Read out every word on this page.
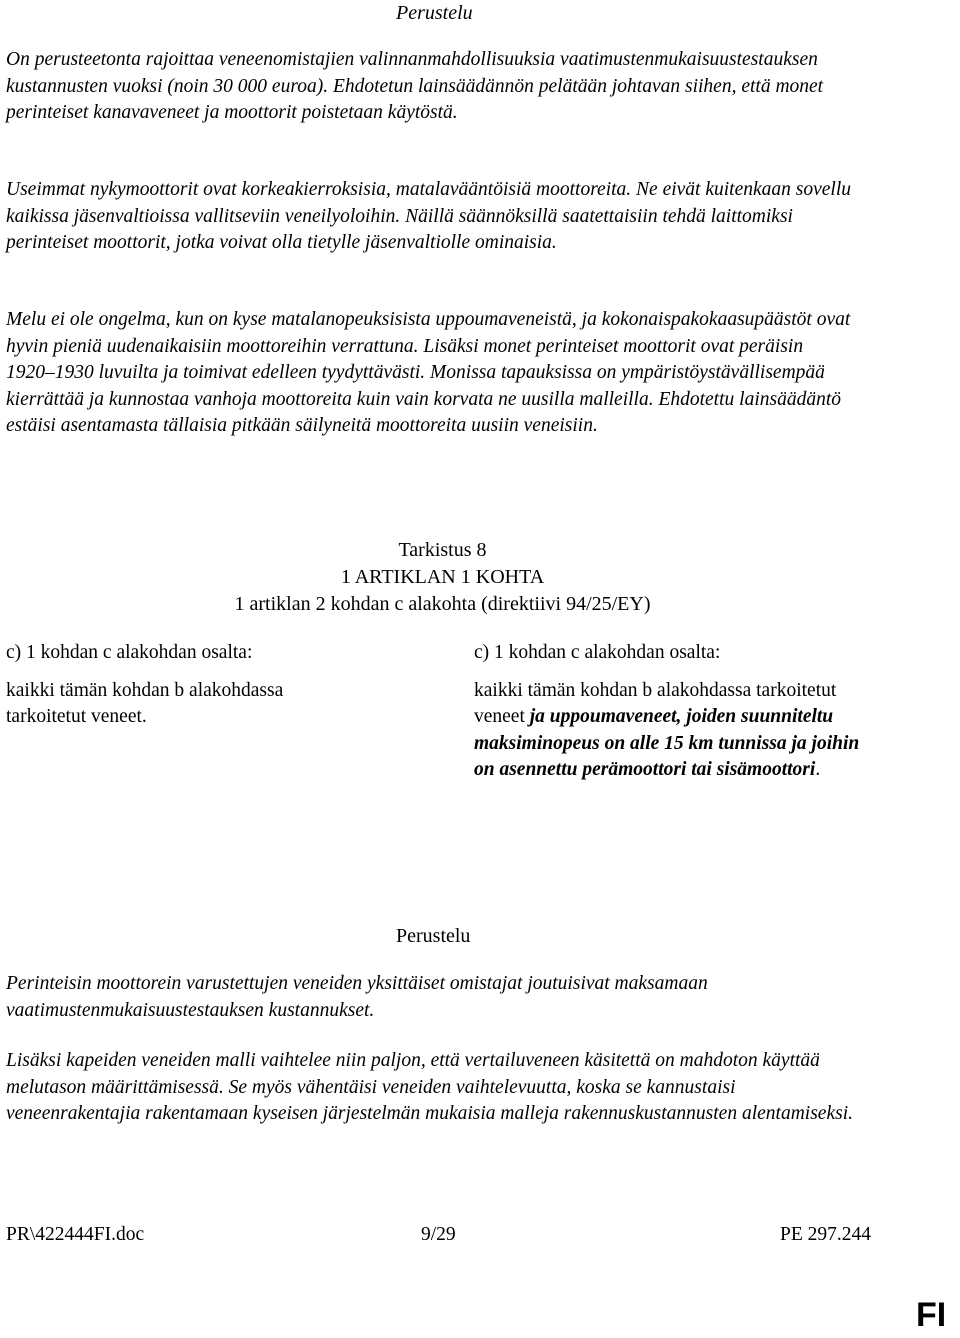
Perustelu
On perusteetonta rajoittaa veneenomistajien valinnanmahdollisuuksia vaatimustenmukaisuustestauksen kustannusten vuoksi (noin 30 000 euroa). Ehdotetun lainsäädännön pelätään johtavan siihen, että monet perinteiset kanavaveneet ja moottorit poistetaan käytöstä.
Useimmat nykymoottorit ovat korkeakierroksisia, matalavääntöisiä moottoreita. Ne eivät kuitenkaan sovellu kaikissa jäsenvaltioissa vallitseviin veneilyoloihin. Näillä säännöksillä saatettaisiin tehdä laittomiksi perinteiset moottorit, jotka voivat olla tietylle jäsenvaltiolle ominaisia.
Melu ei ole ongelma, kun on kyse matalanopeuksisista uppoumaveneistä, ja kokonaispakokaasupäästöt ovat hyvin pieniä uudenaikaisiin moottoreihin verrattuna. Lisäksi monet perinteiset moottorit ovat peräisin 1920–1930 luvuilta ja toimivat edelleen tyydyttävästi. Monissa tapauksissa on ympäristöystävällisempää kierrättää ja kunnostaa vanhoja moottoreita kuin vain korvata ne uusilla malleilla. Ehdotettu lainsäädäntö estäisi asentamasta tällaisia pitkään säilyneitä moottoreita uusiin veneisiin.
Tarkistus 8
1 ARTIKLAN 1 KOHTA
1 artiklan 2 kohdan c alakohta (direktiivi 94/25/EY)
c) 1 kohdan c alakohdan osalta:
kaikki tämän kohdan b alakohdassa tarkoitetut veneet.
c) 1 kohdan c alakohdan osalta:
kaikki tämän kohdan b alakohdassa tarkoitetut veneet ja uppoumaveneet, joiden suunniteltu maksiminopeus on alle 15 km tunnissa ja joihin on asennettu perämoottori tai sisämoottori.
Perustelu
Perinteisin moottorein varustettujen veneiden yksittäiset omistajat joutuisivat maksamaan vaatimustenmukaisuustestauksen kustannukset.
Lisäksi kapeiden veneiden malli vaihtelee niin paljon, että vertailuveneen käsitettä on mahdoton käyttää melutason määrittämisessä. Se myös vähentäisi veneiden vaihtelevuutta, koska se kannustaisi veneenrakentajia rakentamaan kyseisen järjestelmän mukaisia malleja rakennuskustannusten alentamiseksi.
PR\422444FI.doc	9/29	PE 297.244
FI
